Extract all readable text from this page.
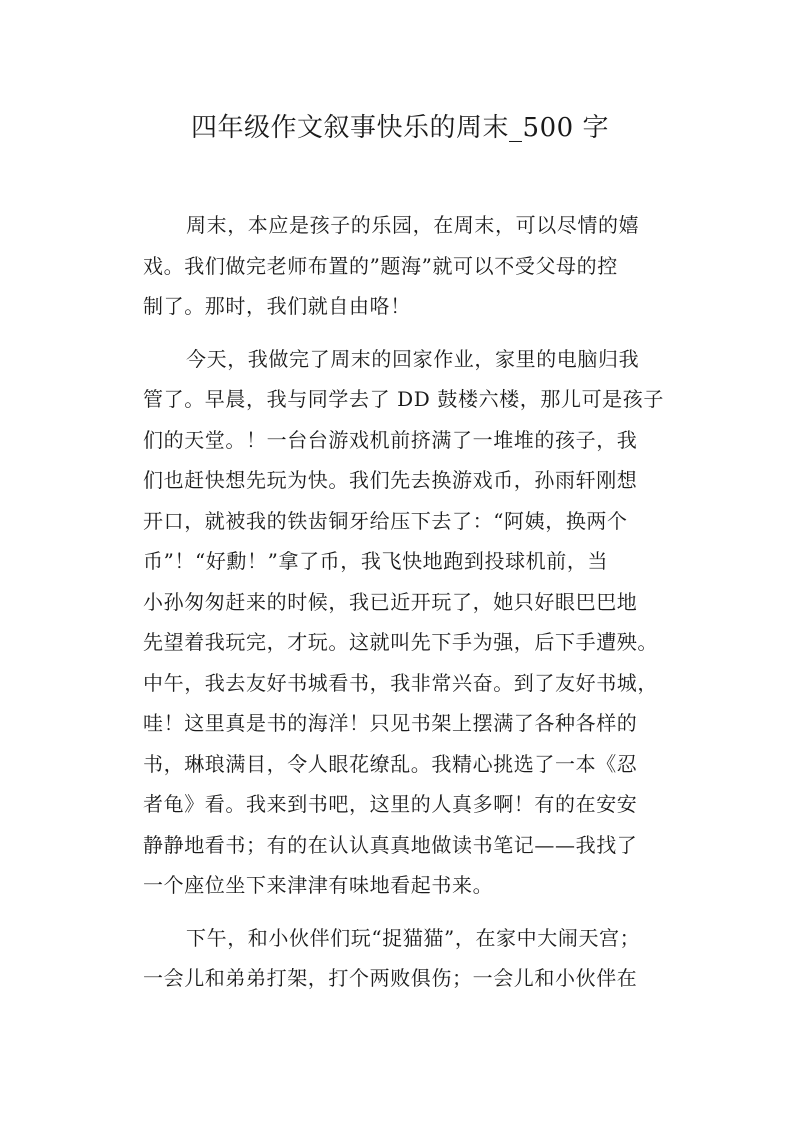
四年级作文叙事快乐的周末_500 字
周末，本应是孩子的乐园，在周末，可以尽情的嬉
戏。我们做完老师布置的”题海”就可以不受父母的控
制了。那时，我们就自由咯！
今天，我做完了周末的回家作业，家里的电脑归我
管了。早晨，我与同学去了 DD 鼓楼六楼，那儿可是孩子
们的天堂。！一台台游戏机前挤满了一堆堆的孩子，我
们也赶快想先玩为快。我们先去换游戏币，孙雨轩刚想
开口，就被我的铁齿铜牙给压下去了：“阿姨，换两个
币”！“好勳！”拿了币，我飞快地跑到投球机前，当
小孙匆匆赶来的时候，我已近开玩了，她只好眼巴巴地
先望着我玩完，才玩。这就叫先下手为强，后下手遭殃。
中午，我去友好书城看书，我非常兴奋。到了友好书城，
哇！这里真是书的海洋！只见书架上摆满了各种各样的
书，琳琅满目，令人眼花缭乱。我精心挑选了一本《忍
者龟》看。我来到书吧，这里的人真多啊！有的在安安
静静地看书；有的在认认真真地做读书笔记——我找了
一个座位坐下来津津有味地看起书来。
下午，和小伙伴们玩“捉猫猫”，在家中大闹天宫；
一会儿和弟弟打架，打个两败俱伤；一会儿和小伙伴在
